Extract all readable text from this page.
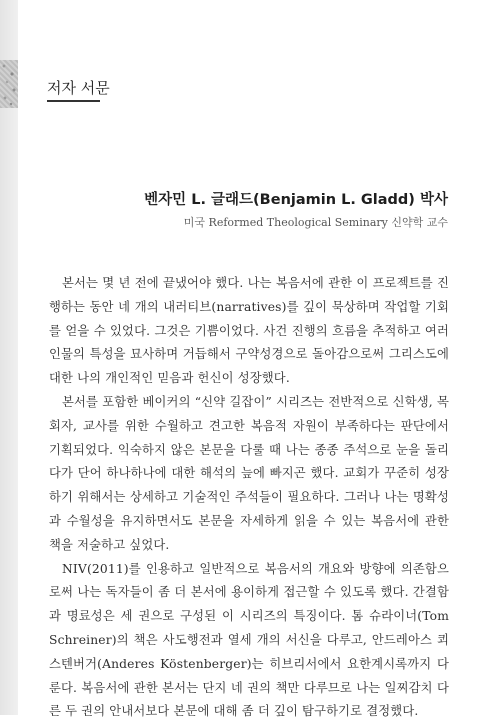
저자 서문
벤자민 L. 글래드(Benjamin L. Gladd) 박사
미국 Reformed Theological Seminary 신약학 교수

본서는 몇 년 전에 끝냈어야 했다. 나는 복음서에 관한 이 프로젝트를 진행하는 동안 네 개의 내러티브(narratives)를 깊이 묵상하며 작업할 기회를 얻을 수 있었다. 그것은 기쁨이었다. 사건 진행의 흐름을 추적하고 여러 인물의 특성을 묘사하며 거듭해서 구약성경으로 돌아감으로써 그리스도에 대한 나의 개인적인 믿음과 헌신이 성장했다.

본서를 포함한 베이커의 “신약 길잡이” 시리즈는 전반적으로 신학생, 목회자, 교사를 위한 수월하고 견고한 복음적 자원이 부족하다는 판단에서 기획되었다. 익숙하지 않은 본문을 다룰 때 나는 종종 주석으로 눈을 돌리다가 단어 하나하나에 대한 해석의 늪에 빠지곤 했다. 교회가 꾸준히 성장하기 위해서는 상세하고 기술적인 주석들이 필요하다. 그러나 나는 명확성과 수월성을 유지하면서도 본문을 자세하게 읽을 수 있는 복음서에 관한 책을 저술하고 싶었다.

NIV(2011)를 인용하고 일반적으로 복음서의 개요와 방향에 의존함으로써 나는 독자들이 좀 더 본서에 용이하게 접근할 수 있도록 했다. 간결함과 명료성은 세 권으로 구성된 이 시리즈의 특징이다. 톰 슈라이너(Tom Schreiner)의 책은 사도행전과 열세 개의 서신을 다루고, 안드레아스 쾨스텐버거(Anderes Köstenberger)는 히브리서에서 요한계시록까지 다룬다. 복음서에 관한 본서는 단지 네 권의 책만 다루므로 나는 일찌감치 다른 두 권의 안내서보다 본문에 대해 좀 더 깊이 탐구하기로 결정했다.
